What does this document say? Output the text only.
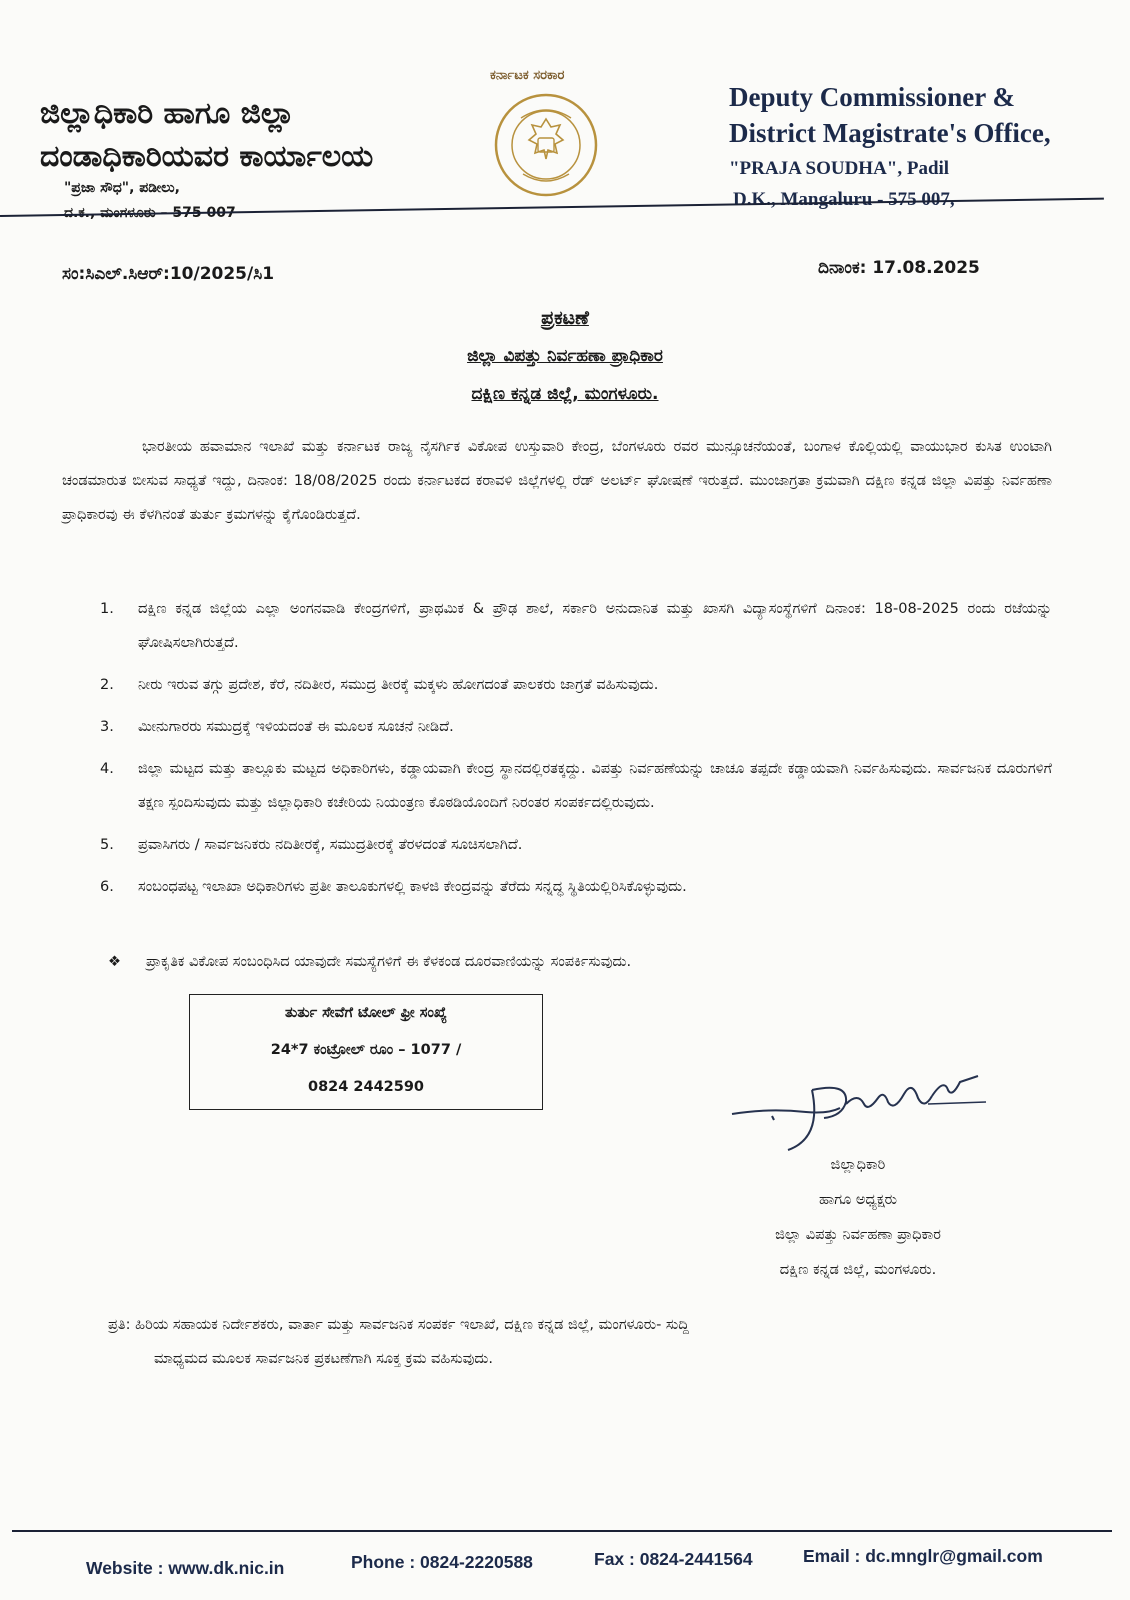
ಜಿಲ್ಲಾಧಿಕಾರಿ ಹಾಗೂ ಜಿಲ್ಲಾ
ದಂಡಾಧಿಕಾರಿಯವರ ಕಾರ್ಯಾಲಯ
"ಪ್ರಜಾ ಸೌಧ", ಪಡೀಲು,
ದ.ಕ., ಮಂಗಳೂರು – 575 007
ಕರ್ನಾಟಕ ಸರಕಾರ
Deputy Commissioner &
District Magistrate's Office,
"PRAJA SOUDHA", Padil
D.K., Mangaluru - 575 007,
ಸಂ:ಸಿಎಲ್.ಸಿಆರ್:10/2025/ಸಿ1	ದಿನಾಂಕ: 17.08.2025
ಪ್ರಕಟಣೆ
ಜಿಲ್ಲಾ ವಿಪತ್ತು ನಿರ್ವಹಣಾ ಪ್ರಾಧಿಕಾರ
ದಕ್ಷಿಣ ಕನ್ನಡ ಜಿಲ್ಲೆ, ಮಂಗಳೂರು.
ಭಾರತೀಯ ಹವಾಮಾನ ಇಲಾಖೆ ಮತ್ತು ಕರ್ನಾಟಕ ರಾಜ್ಯ ನೈಸರ್ಗಿಕ ವಿಕೋಪ ಉಸ್ತುವಾರಿ ಕೇಂದ್ರ, ಬೆಂಗಳೂರು ರವರ ಮುನ್ಸೂಚನೆಯಂತೆ, ಬಂಗಾಳ ಕೊಲ್ಲಿಯಲ್ಲಿ ವಾಯುಭಾರ ಕುಸಿತ ಉಂಟಾಗಿ ಚಂಡಮಾರುತ ಬೀಸುವ ಸಾಧ್ಯತೆ ಇದ್ದು, ದಿನಾಂಕ: 18/08/2025 ರಂದು ಕರ್ನಾಟಕದ ಕರಾವಳಿ ಜಿಲ್ಲೆಗಳಲ್ಲಿ ರೆಡ್ ಅಲರ್ಟ್ ಘೋಷಣೆ ಇರುತ್ತದೆ. ಮುಂಜಾಗ್ರತಾ ಕ್ರಮವಾಗಿ ದಕ್ಷಿಣ ಕನ್ನಡ ಜಿಲ್ಲಾ ವಿಪತ್ತು ನಿರ್ವಹಣಾ ಪ್ರಾಧಿಕಾರವು ಈ ಕೆಳಗಿನಂತೆ ತುರ್ತು ಕ್ರಮಗಳನ್ನು ಕೈಗೊಂಡಿರುತ್ತದೆ.
1.	ದಕ್ಷಿಣ ಕನ್ನಡ ಜಿಲ್ಲೆಯ ಎಲ್ಲಾ ಅಂಗನವಾಡಿ ಕೇಂದ್ರಗಳಿಗೆ, ಪ್ರಾಥಮಿಕ & ಪ್ರೌಢ ಶಾಲೆ, ಸರ್ಕಾರಿ ಅನುದಾನಿತ ಮತ್ತು ಖಾಸಗಿ ವಿದ್ಯಾಸಂಸ್ಥೆಗಳಿಗೆ ದಿನಾಂಕ: 18-08-2025 ರಂದು ರಜೆಯನ್ನು ಘೋಷಿಸಲಾಗಿರುತ್ತದೆ.
2.	ನೀರು ಇರುವ ತಗ್ಗು ಪ್ರದೇಶ, ಕೆರೆ, ನದಿತೀರ, ಸಮುದ್ರ ತೀರಕ್ಕೆ ಮಕ್ಕಳು ಹೋಗದಂತೆ ಪಾಲಕರು ಜಾಗ್ರತೆ ವಹಿಸುವುದು.
3.	ಮೀನುಗಾರರು ಸಮುದ್ರಕ್ಕೆ ಇಳಿಯದಂತೆ ಈ ಮೂಲಕ ಸೂಚನೆ ನೀಡಿದೆ.
4.	ಜಿಲ್ಲಾ ಮಟ್ಟದ ಮತ್ತು ತಾಲ್ಲೂಕು ಮಟ್ಟದ ಅಧಿಕಾರಿಗಳು, ಕಡ್ಡಾಯವಾಗಿ ಕೇಂದ್ರ ಸ್ಥಾನದಲ್ಲಿರತಕ್ಕದ್ದು. ವಿಪತ್ತು ನಿರ್ವಹಣೆಯನ್ನು ಚಾಚೂ ತಪ್ಪದೇ ಕಡ್ಡಾಯವಾಗಿ ನಿರ್ವಹಿಸುವುದು. ಸಾರ್ವಜನಿಕ ದೂರುಗಳಿಗೆ ತಕ್ಷಣ ಸ್ಪಂದಿಸುವುದು ಮತ್ತು ಜಿಲ್ಲಾಧಿಕಾರಿ ಕಚೇರಿಯ ನಿಯಂತ್ರಣ ಕೊಠಡಿಯೊಂದಿಗೆ ನಿರಂತರ ಸಂಪರ್ಕದಲ್ಲಿರುವುದು.
5.	ಪ್ರವಾಸಿಗರು / ಸಾರ್ವಜನಿಕರು ನದಿತೀರಕ್ಕೆ, ಸಮುದ್ರತೀರಕ್ಕೆ ತೆರಳದಂತೆ ಸೂಚಿಸಲಾಗಿದೆ.
6.	ಸಂಬಂಧಪಟ್ಟ ಇಲಾಖಾ ಅಧಿಕಾರಿಗಳು ಪ್ರತೀ ತಾಲೂಕುಗಳಲ್ಲಿ ಕಾಳಜಿ ಕೇಂದ್ರವನ್ನು ತೆರೆದು ಸನ್ನದ್ಧ ಸ್ಥಿತಿಯಲ್ಲಿರಿಸಿಕೊಳ್ಳುವುದು.
❖ ಪ್ರಾಕೃತಿಕ ವಿಕೋಪ ಸಂಬಂಧಿಸಿದ ಯಾವುದೇ ಸಮಸ್ಯೆಗಳಿಗೆ ಈ ಕೆಳಕಂಡ ದೂರವಾಣಿಯನ್ನು ಸಂಪರ್ಕಿಸುವುದು.
ತುರ್ತು ಸೇವೆಗೆ ಟೋಲ್ ಫ್ರೀ ಸಂಖ್ಯೆ
24*7 ಕಂಟ್ರೋಲ್ ರೂಂ – 1077 /
0824 2442590
ಜಿಲ್ಲಾಧಿಕಾರಿ
ಹಾಗೂ ಅಧ್ಯಕ್ಷರು
ಜಿಲ್ಲಾ ವಿಪತ್ತು ನಿರ್ವಹಣಾ ಪ್ರಾಧಿಕಾರ
ದಕ್ಷಿಣ ಕನ್ನಡ ಜಿಲ್ಲೆ, ಮಂಗಳೂರು.
ಪ್ರತಿ: ಹಿರಿಯ ಸಹಾಯಕ ನಿರ್ದೇಶಕರು, ವಾರ್ತಾ ಮತ್ತು ಸಾರ್ವಜನಿಕ ಸಂಪರ್ಕ ಇಲಾಖೆ, ದಕ್ಷಿಣ ಕನ್ನಡ ಜಿಲ್ಲೆ, ಮಂಗಳೂರು- ಸುದ್ದಿ
ಮಾಧ್ಯಮದ ಮೂಲಕ ಸಾರ್ವಜನಿಕ ಪ್ರಕಟಣೆಗಾಗಿ ಸೂಕ್ತ ಕ್ರಮ ವಹಿಸುವುದು.
Website : www.dk.nic.in	Phone : 0824-2220588	Fax : 0824-2441564	Email : dc.mnglr@gmail.com
